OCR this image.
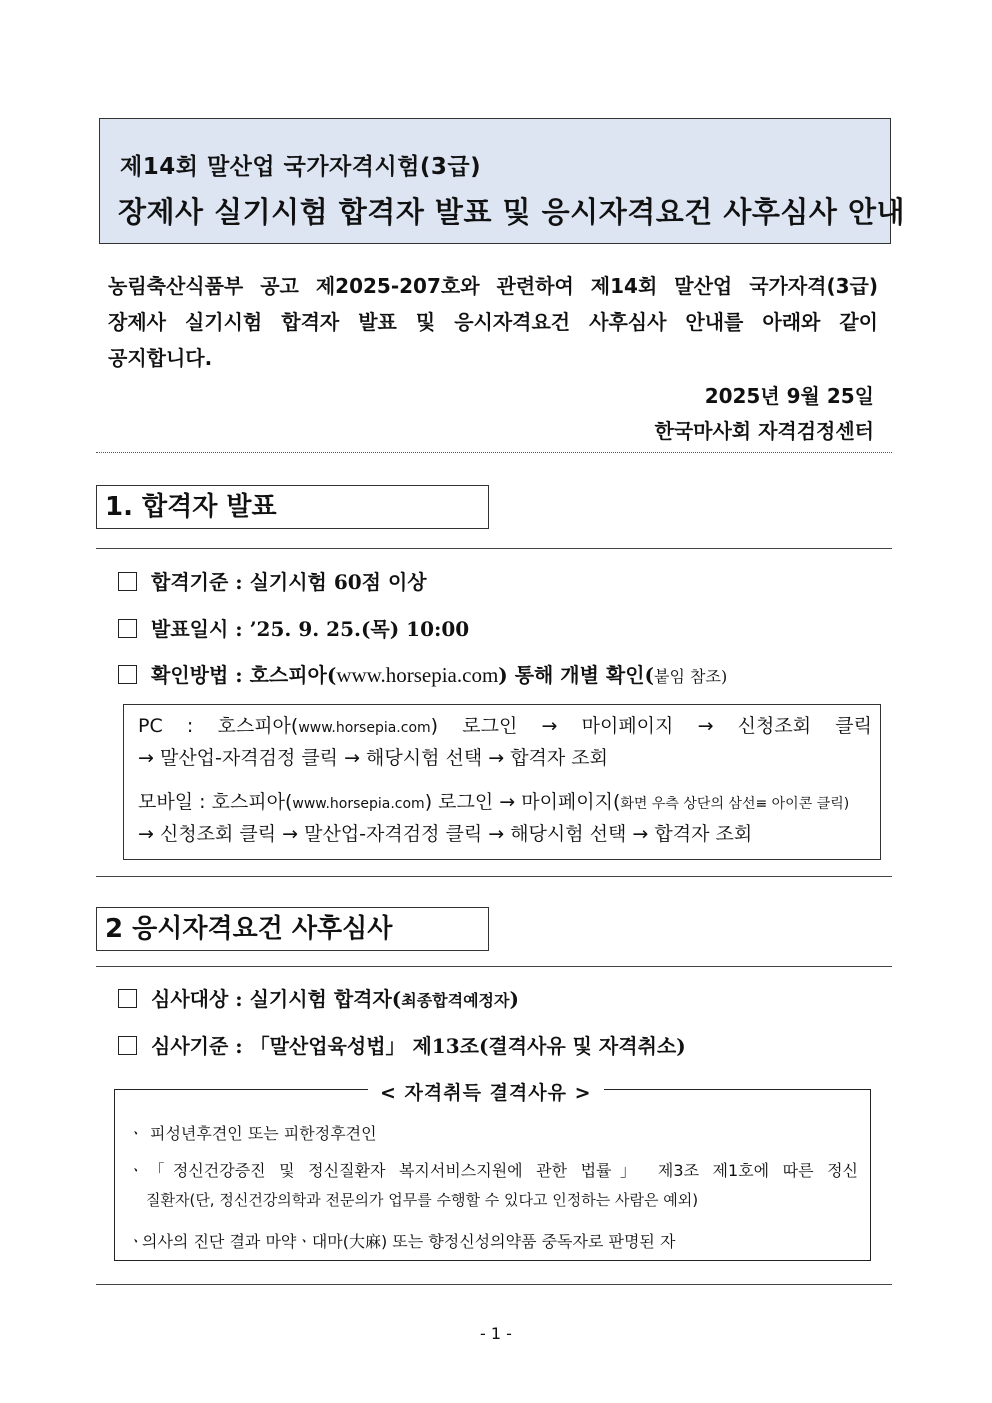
제14회 말산업 국가자격시험(3급)
장제사 실기시험 합격자 발표 및 응시자격요건 사후심사 안내
농림축산식품부 공고 제2025-207호와 관련하여 제14회 말산업 국가자격(3급)
장제사 실기시험 합격자 발표 및 응시자격요건 사후심사 안내를 아래와 같이
공지합니다.
2025년 9월 25일
한국마사회 자격검정센터
1. 합격자 발표
합격기준 : 실기시험 60점 이상
발표일시 : ’25. 9. 25.(목) 10:00
확인방법 : 호스피아(www.horsepia.com) 통해 개별 확인(붙임 참조)
PC : 호스피아(www.horsepia.com) 로그인 → 마이페이지 → 신청조회 클릭
→ 말산업-자격검정 클릭 → 해당시험 선택 → 합격자 조회
모바일 : 호스피아(www.horsepia.com) 로그인 → 마이페이지(화면 우측 상단의 삼선≡ 아이콘 클릭)
→ 신청조회 클릭 → 말산업-자격검정 클릭 → 해당시험 선택 → 합격자 조회
2 응시자격요건 사후심사
심사대상 : 실기시험 합격자(최종합격예정자)
심사기준 : 「말산업육성법」 제13조(결격사유 및 자격취소)
< 자격취득 결격사유 >
ㆍ 피성년후견인 또는 피한정후견인
ㆍ「정신건강증진 및 정신질환자 복지서비스지원에 관한 법률」 제3조 제1호에 따른 정신
질환자(단, 정신건강의학과 전문의가 업무를 수행할 수 있다고 인정하는 사람은 예외)
ㆍ의사의 진단 결과 마약ㆍ대마(大麻) 또는 향정신성의약품 중독자로 판명된 자
- 1 -
